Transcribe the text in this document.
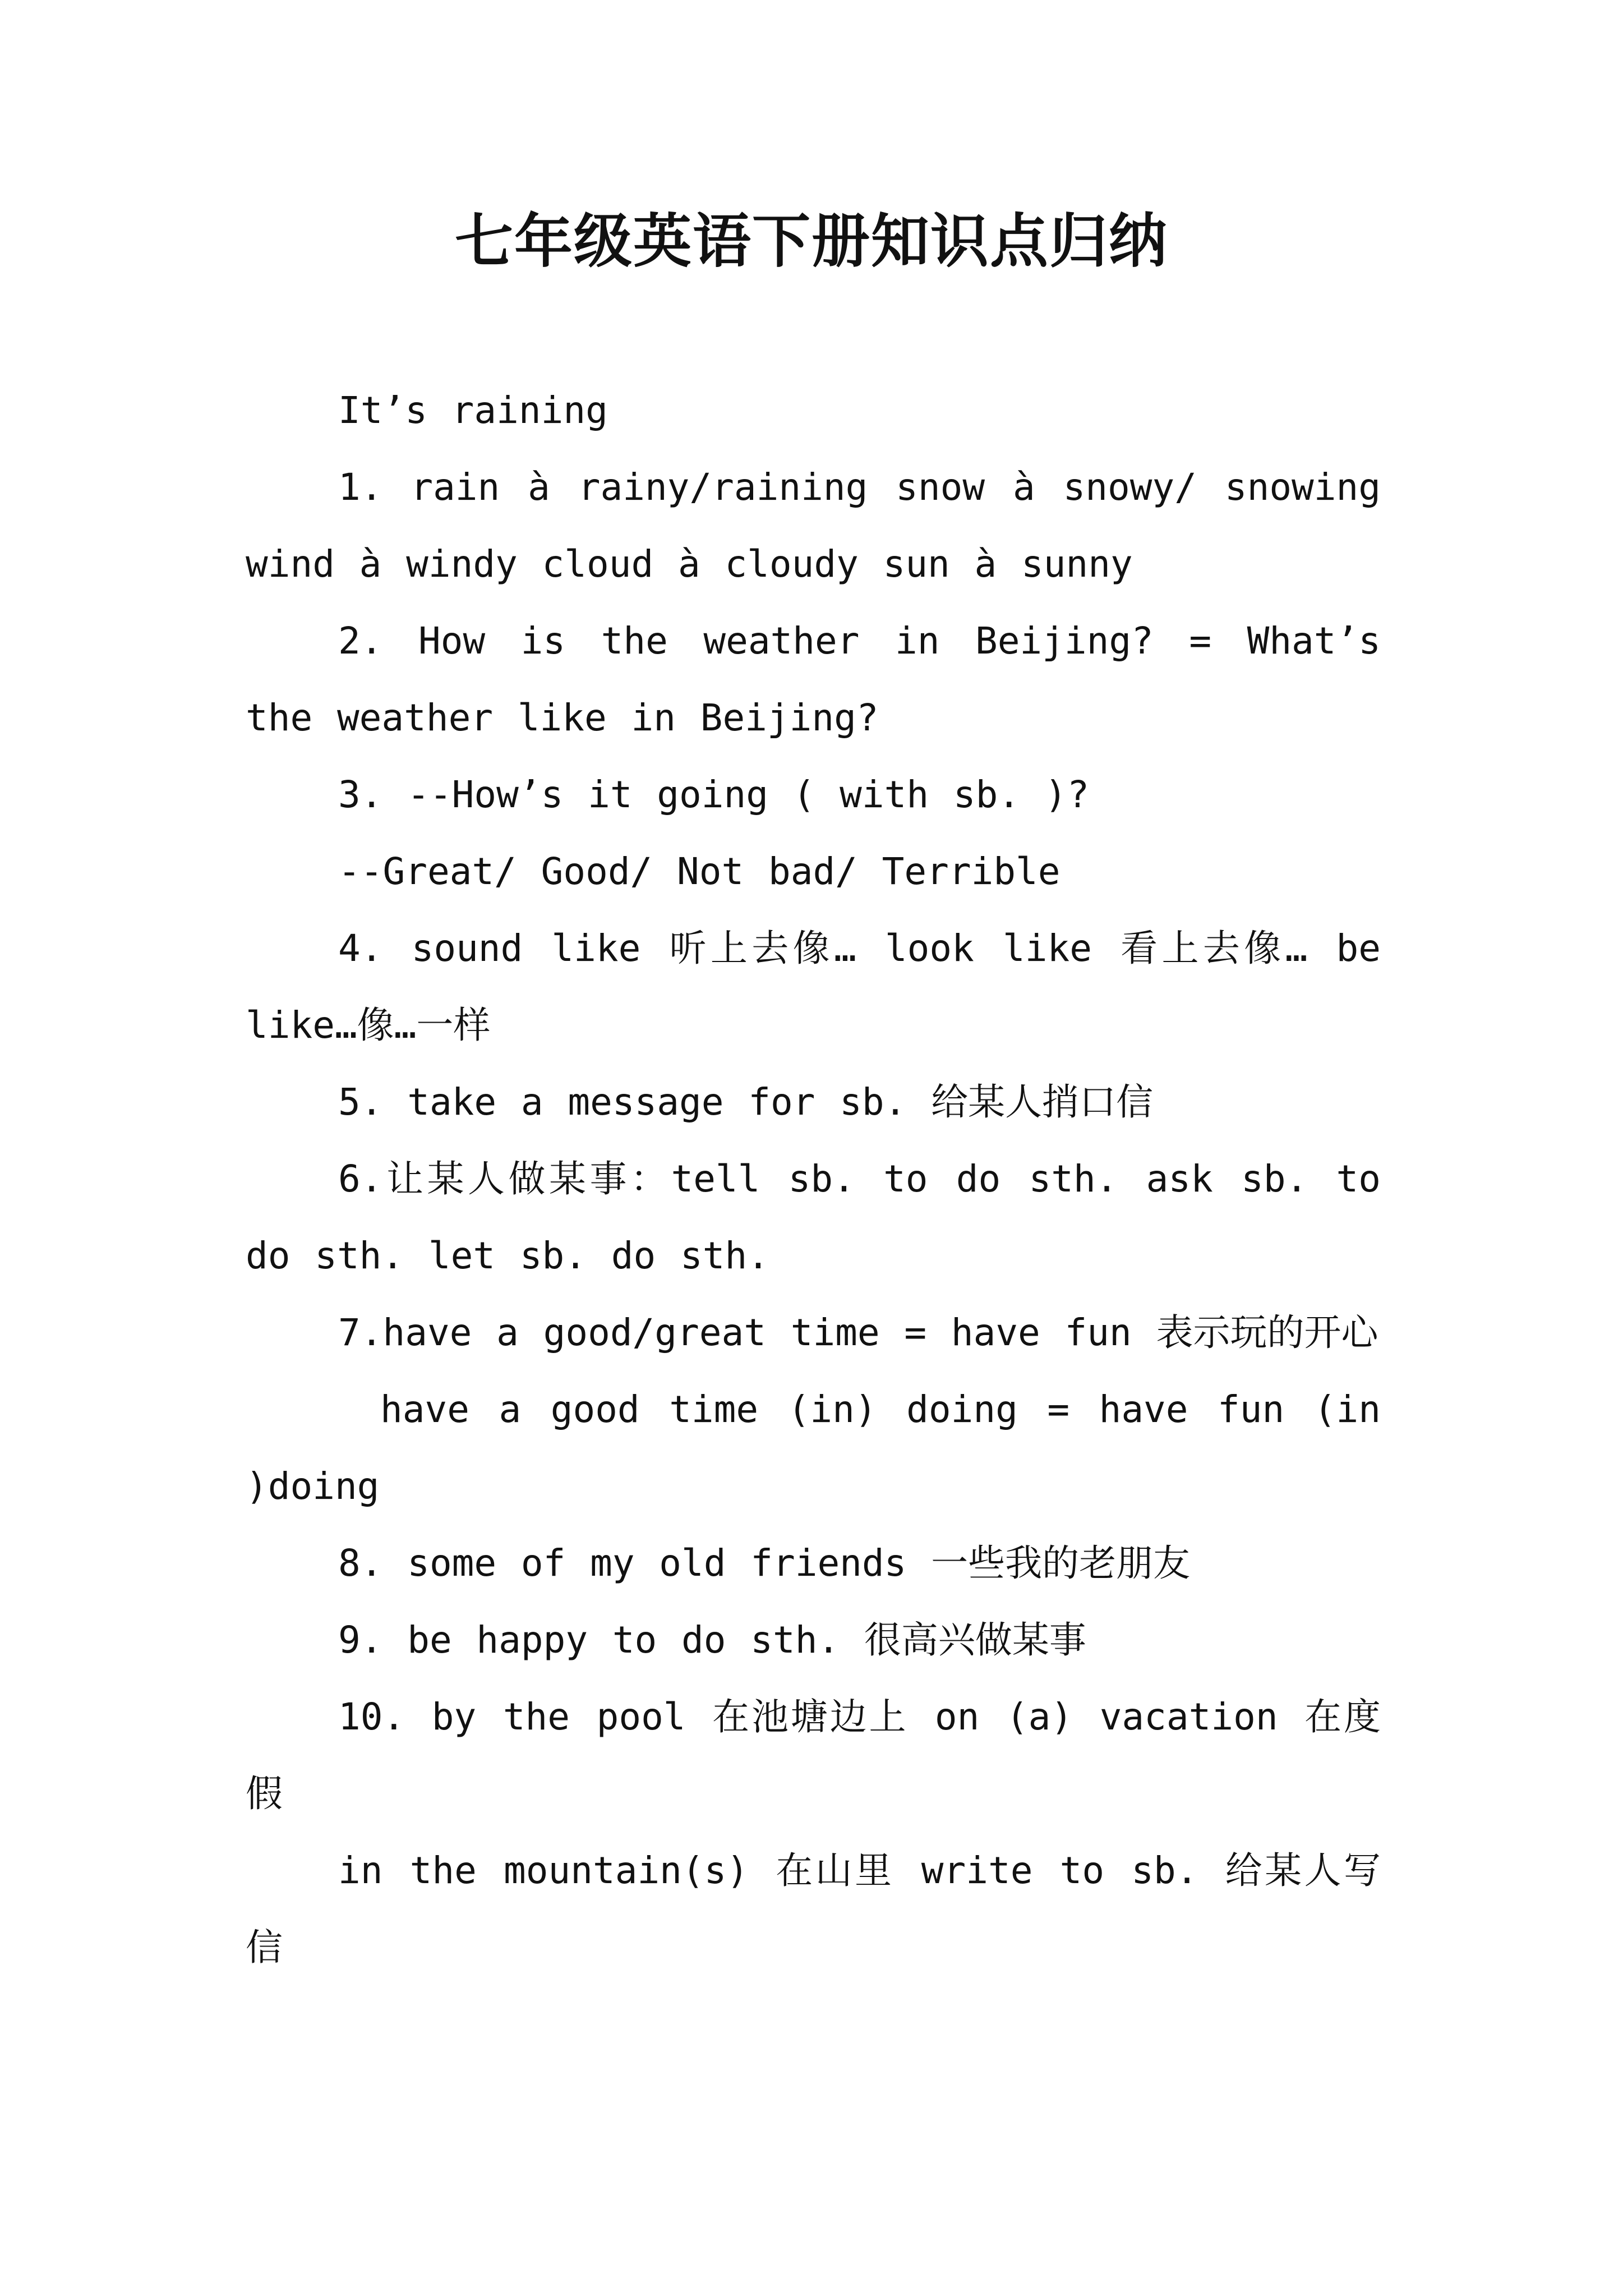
七年级英语下册知识点归纳

It’s raining

1. rain à rainy/raining snow à snowy/ snowing wind à windy cloud à cloudy sun à sunny

2. How is the weather in Beijing? = What’s the weather like in Beijing?

3. --How’s it going ( with sb. )?

--Great/ Good/ Not bad/ Terrible

4. sound like 听上去像… look like 看上去像… be like…像…一样

5. take a message for sb. 给某人捎口信

6.让某人做某事：tell sb. to do sth. ask sb. to do sth. let sb. do sth.

7.have a good/great time = have fun 表示玩的开心

have a good time (in) doing = have fun (in )doing

8. some of my old friends 一些我的老朋友

9. be happy to do sth. 很高兴做某事

10. by the pool 在池塘边上 on (a) vacation 在度假

in the mountain(s) 在山里 write to sb. 给某人写信
